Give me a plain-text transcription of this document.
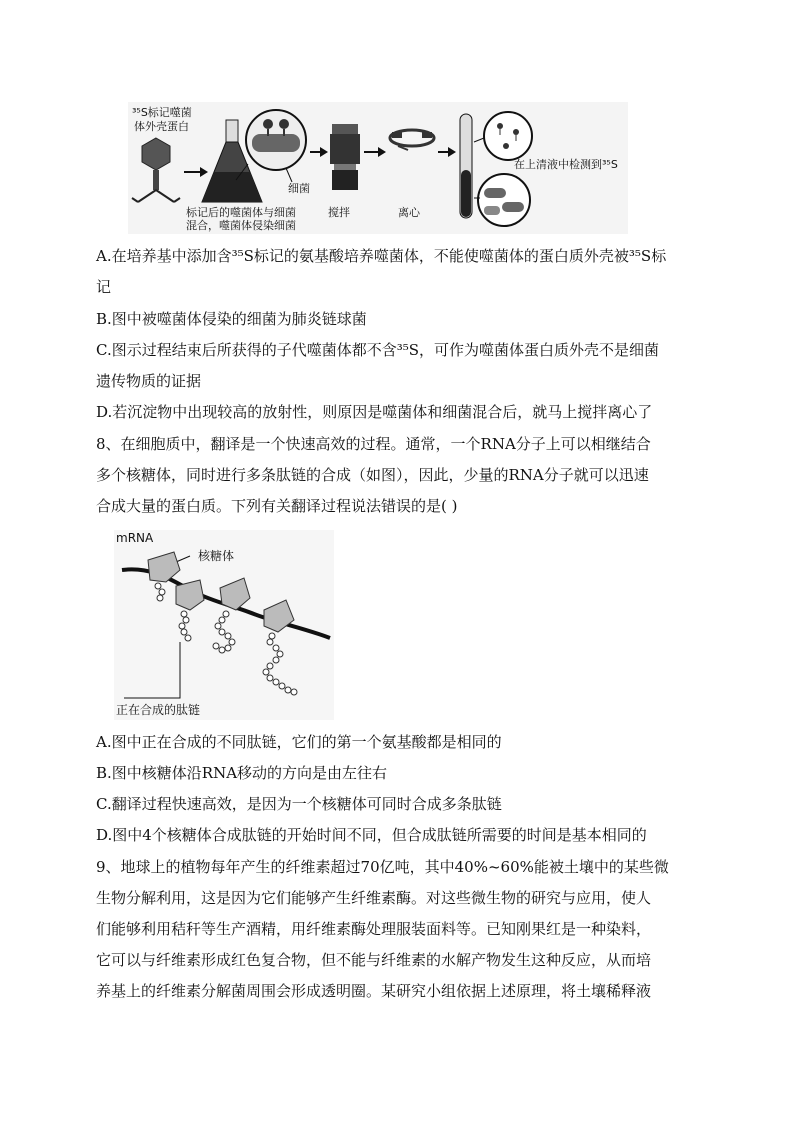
³⁵S标记噬菌
体外壳蛋白
细菌
标记后的噬菌体与细菌
混合，噬菌体侵染细菌
搅拌	离心
在上清液中检测到³⁵S
A.在培养基中添加含³⁵S标记的氨基酸培养噬菌体，不能使噬菌体的蛋白质外壳被³⁵S标
记
B.图中被噬菌体侵染的细菌为肺炎链球菌
C.图示过程结束后所获得的子代噬菌体都不含³⁵S，可作为噬菌体蛋白质外壳不是细菌
遗传物质的证据
D.若沉淀物中出现较高的放射性，则原因是噬菌体和细菌混合后，就马上搅拌离心了
8、在细胞质中，翻译是一个快速高效的过程。通常，一个RNA分子上可以相继结合
多个核糖体，同时进行多条肽链的合成（如图），因此，少量的RNA分子就可以迅速
合成大量的蛋白质。下列有关翻译过程说法错误的是( )
mRNA
核糖体
正在合成的肽链
A.图中正在合成的不同肽链，它们的第一个氨基酸都是相同的
B.图中核糖体沿RNA移动的方向是由左往右
C.翻译过程快速高效，是因为一个核糖体可同时合成多条肽链
D.图中4个核糖体合成肽链的开始时间不同，但合成肽链所需要的时间是基本相同的
9、地球上的植物每年产生的纤维素超过70亿吨，其中40%~60%能被土壤中的某些微
生物分解利用，这是因为它们能够产生纤维素酶。对这些微生物的研究与应用，使人
们能够利用秸秆等生产酒精，用纤维素酶处理服装面料等。已知刚果红是一种染料，
它可以与纤维素形成红色复合物，但不能与纤维素的水解产物发生这种反应，从而培
养基上的纤维素分解菌周围会形成透明圈。某研究小组依据上述原理，将土壤稀释液
